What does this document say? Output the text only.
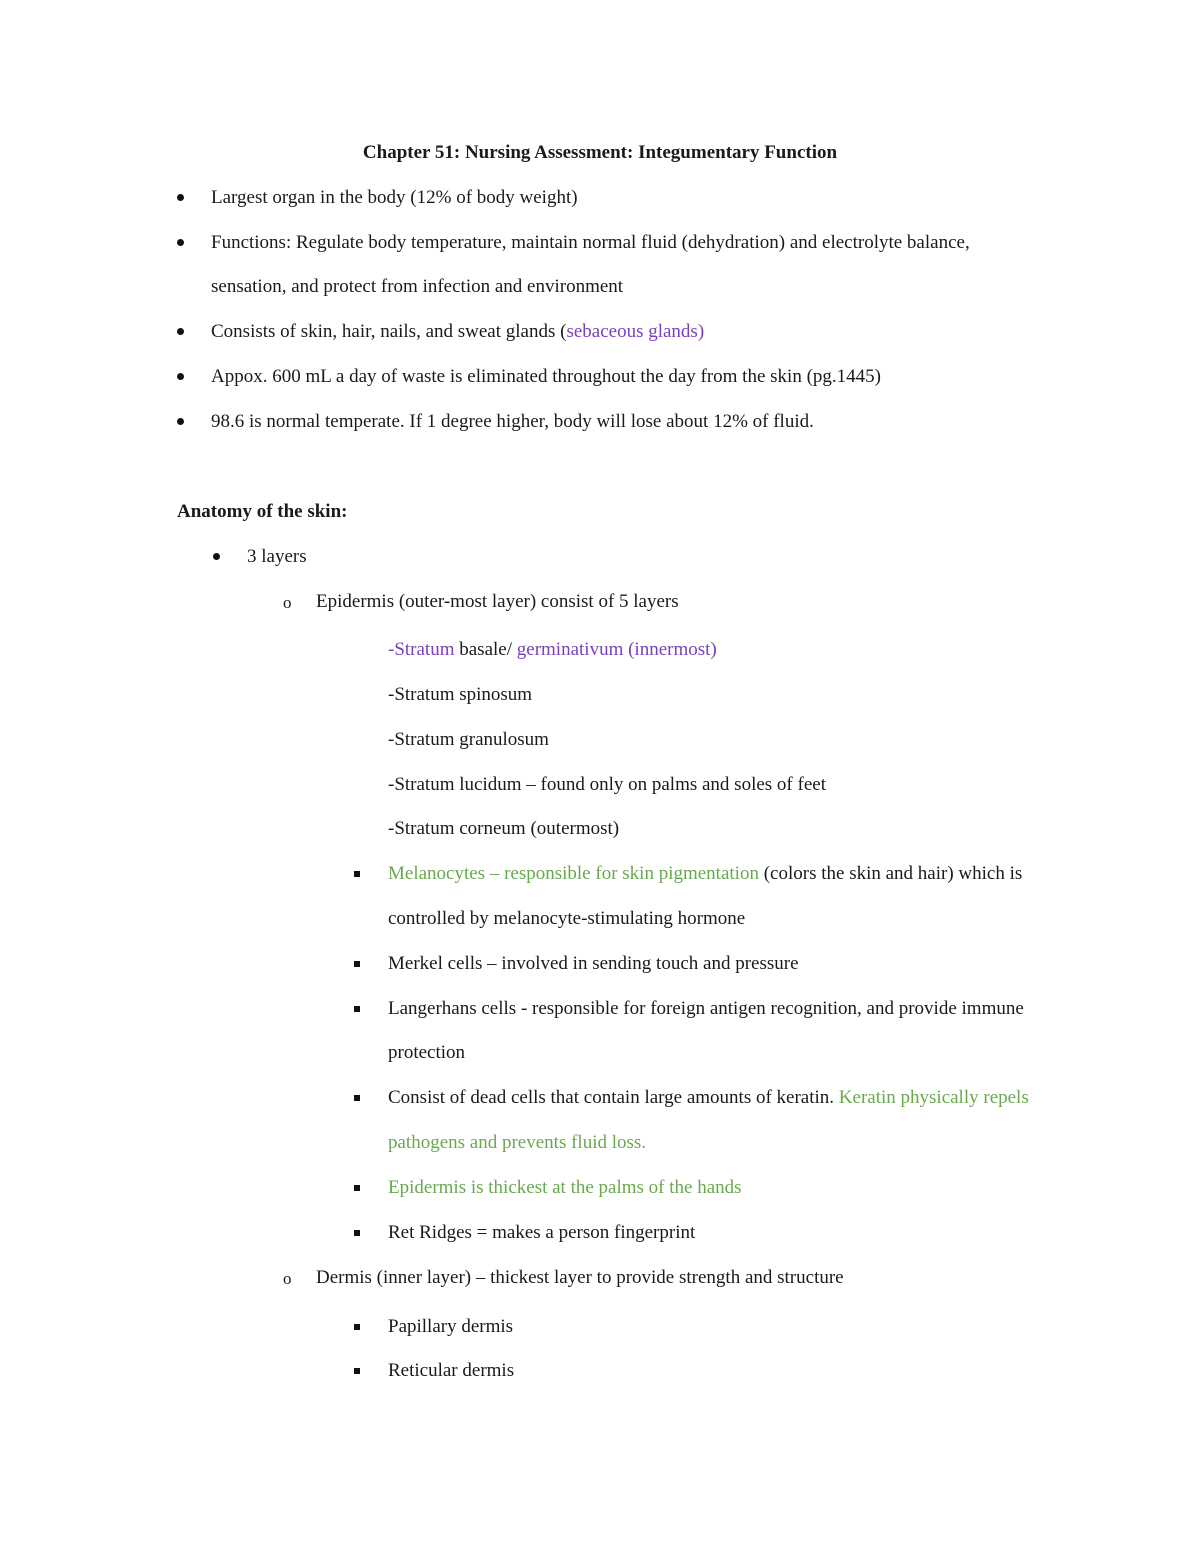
Chapter 51: Nursing Assessment: Integumentary Function
Largest organ in the body (12% of body weight)
Functions: Regulate body temperature, maintain normal fluid (dehydration) and electrolyte balance,
sensation, and protect from infection and environment
Consists of skin, hair, nails, and sweat glands (sebaceous glands)
Appox. 600 mL a day of waste is eliminated throughout the day from the skin (pg.1445)
98.6 is normal temperate. If 1 degree higher, body will lose about 12% of fluid.
Anatomy of the skin:
3 layers
o Epidermis (outer-most layer) consist of 5 layers
-Stratum basale/ germinativum (innermost)
-Stratum spinosum
-Stratum granulosum
-Stratum lucidum – found only on palms and soles of feet
-Stratum corneum (outermost)
Melanocytes – responsible for skin pigmentation (colors the skin and hair) which is
controlled by melanocyte-stimulating hormone
Merkel cells – involved in sending touch and pressure
Langerhans cells - responsible for foreign antigen recognition, and provide immune
protection
Consist of dead cells that contain large amounts of keratin. Keratin physically repels
pathogens and prevents fluid loss.
Epidermis is thickest at the palms of the hands
Ret Ridges = makes a person fingerprint
o Dermis (inner layer) – thickest layer to provide strength and structure
Papillary dermis
Reticular dermis
